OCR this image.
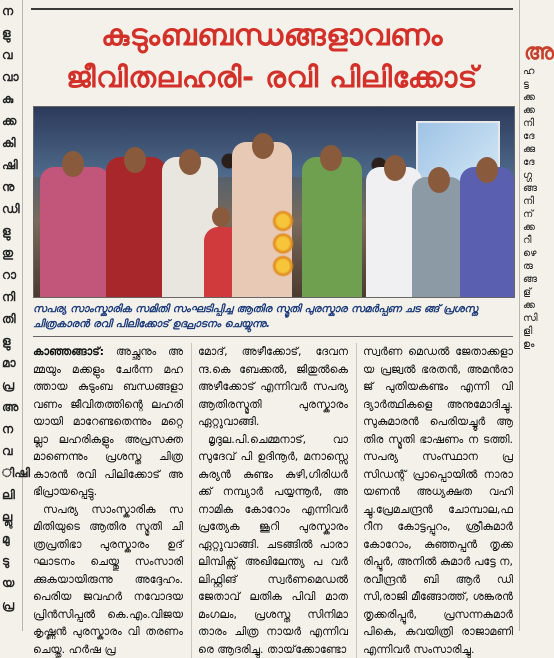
ന
ളു
വ
വാ
കു
ക്ക
കി
ഷി
നു
ഡി
ളു
തു
റാ
നി
തി
ളു
മാ
പ്ര
അ
ന
വ
ിഷി
ലി
ല്ലു
മു
ടു
യ
പ്ര
അ
ഹ
ട്ട
ക്ക
ക്ക
നി
ദേ
ക്കു
ദേ
ഗ്ഗ
ങ്ങ
നി
ന്
ക്ക
റീ
ഴെ
രു
ങ്ങ
ള്
ക്ക
സി
ളി
ഉം
കുടുംബബന്ധങ്ങളാവണം
ജീവിതലഹരി- രവി പിലിക്കോട്
സപര്യ സാംസ്കാരിക സമിതി സംഘടിപ്പിച്ച ആതിര സ്മൃതി പുരസ്കാര സമർപ്പണ ചട ങ്ങ് പ്രശസ്ത ചിത്രകാരൻ രവി പിലിക്കോട് ഉദ്ഘാടനം ചെയ്യുന്നു.

കാഞ്ഞങ്ങാട്: അച്ഛനും അ മ്മയും മക്കളും ചേർന്ന മഹ ത്തായ കുടുംബ ബന്ധങ്ങളാ വണം ജീവിതത്തിന്റെ ലഹരി യായി മാറേണ്ടതെന്നും മറ്റെ ല്ലാ ലഹരികളും അപ്രസക്ത മാണെന്നും പ്രശസ്ത ചിത്ര കാരൻ രവി പിലിക്കോട് അ ഭിപ്രായപ്പെട്ടു.

സപര്യ സാംസ്കാരിക സ മിതിയുടെ ആതിര സ്മൃതി ചി ത്രപ്രതിഭാ പുരസ്കാരം ഉദ് ഘാടനം ചെയ്തു സംസാരി ക്കുകയായിരുന്നു അദ്ദേഹം. പെരിയ ജവഹർ നവോദയ പ്രിൻസിപ്പൽ കെ.എം.വിജയ കൃഷ്ണൻ പുരസ്കാരം വി തരണം ചെയ്തു. ഹർഷ പ്ര

മോദ്, അഴീക്കോട്, ദേവന ന്ദ.കെ ബേക്കൽ, ജിതുൽകെ അഴീക്കോട് എന്നിവർ സപര്യ ആതിരസ്മൃതി പുരസ്കാരം ഏറ്റുവാങ്ങി.

മൃദുല.പി.ചെമ്മനാട്, വാ സുദേവ് പി ഉദിനൂർ, മനാസ്സെ കുര്യൻ കുണ്ടം കുഴി,ഗിരിധർ ക്ക് നമ്പ്യാർ പയ്യന്നൂർ, അ നാമിക കോറോം എന്നിവർ പ്രത്യേക ജൂറി പുരസ്കാരം ഏറ്റുവാങ്ങി. ചടങ്ങിൽ പാരാ ലിമ്പിക്സ് അഖിലേന്ത്യ പ വർ ലിഫ്റ്റിങ് സ്വർണമെഡൽ ജേതാവ് ലതിക പിവി മാത മംഗലം, പ്രശസ്ത സിനിമാ താരം ചിത്ര നായർ എന്നിവ രെ ആദരിച്ചു. തായ്‌ക്കോണ്ടോ

സ്വർണ മെഡൽ ജേതാക്കളാ യ പ്രജ്വൽ ഭരതൻ, അമൻരാ ജ് പുതിയകണ്ടം എന്നി വി ദ്യാർത്ഥികളെ അനുമോദിച്ചു. സുകുമാരൻ പെരിയച്ചൂർ ആ തിര സ്മൃതി ഭാഷണം ന ടത്തി. സപര്യ സംസ്ഥാന പ്ര സിഡന്റ് പ്രാപ്പൊയിൽ നാരാ യണൻ അധ്യക്ഷത വഹി ച്ചു.പ്രേമചന്ദ്രൻ ചോമ്പാല,ഫ റീന കോട്ടപ്പുറം, ശ്രീകുമാർ കോറോം, കുഞ്ഞപ്പൻ തൃക്ക രിപ്പൂർ, അനിൽ കുമാർ പട്ടേ ന, രവീന്ദ്രൻ ബി ആർ ഡി സി,രാജി മീങ്ങോത്ത്, ശങ്കരൻ തൃക്കരിപ്പൂർ, പ്രസന്നകുമാർ പികെ, കവയിത്രി രാജാമണി എന്നിവർ സംസാരിച്ചു.
